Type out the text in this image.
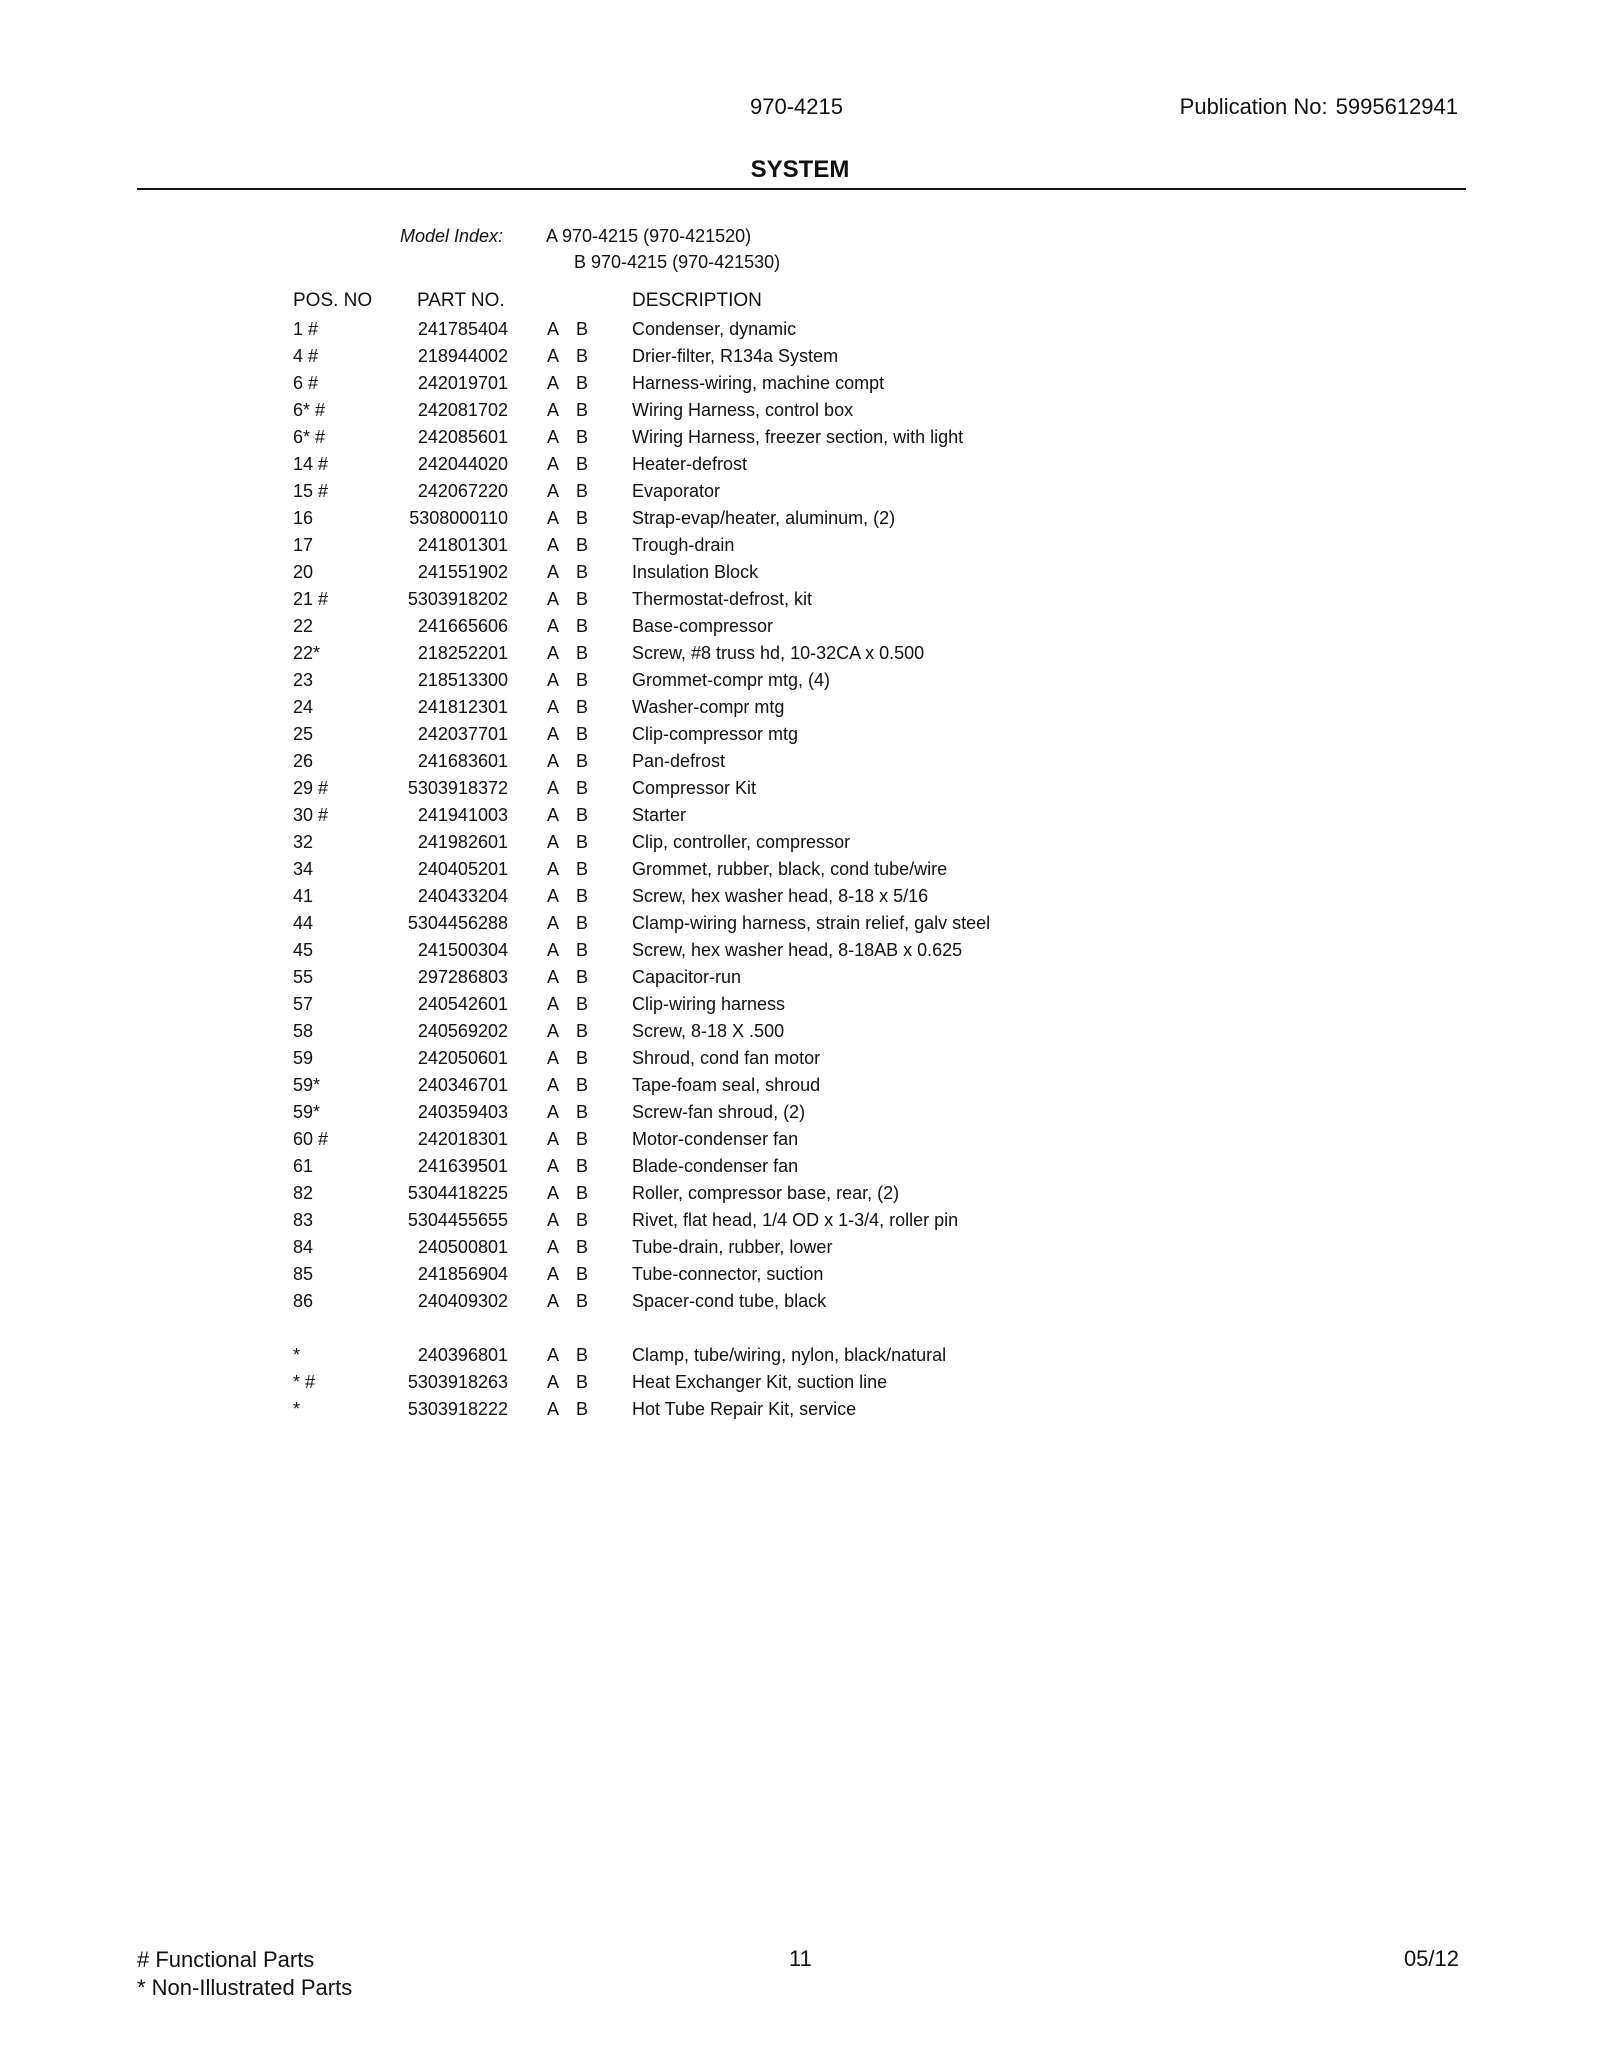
970-4215	Publication No: 5995612941
SYSTEM
Model Index: A 970-4215 (970-421520)
B 970-4215 (970-421530)
POS. NO PART NO.	DESCRIPTION
1 #	241785404 A B Condenser, dynamic
4 #	218944002 A B Drier-filter, R134a System
6 #	242019701 A B Harness-wiring, machine compt
6* #	242081702 A B Wiring Harness, control box
6* #	242085601 A B Wiring Harness, freezer section, with light
14 #	242044020 A B Heater-defrost
15 #	242067220 A B Evaporator
16	5308000110 A B Strap-evap/heater, aluminum, (2)
17	241801301 A B Trough-drain
20	241551902 A B Insulation Block
21 #	5303918202 A B Thermostat-defrost, kit
22	241665606 A B Base-compressor
22*	218252201 A B Screw, #8 truss hd, 10-32CA x 0.500
23	218513300 A B Grommet-compr mtg, (4)
24	241812301 A B Washer-compr mtg
25	242037701 A B Clip-compressor mtg
26	241683601 A B Pan-defrost
29 #	5303918372 A B Compressor Kit
30 #	241941003 A B Starter
32	241982601 A B Clip, controller, compressor
34	240405201 A B Grommet, rubber, black, cond tube/wire
41	240433204 A B Screw, hex washer head, 8-18 x 5/16
44	5304456288 A B Clamp-wiring harness, strain relief, galv steel
45	241500304 A B Screw, hex washer head, 8-18AB x 0.625
55	297286803 A B Capacitor-run
57	240542601 A B Clip-wiring harness
58	240569202 A B Screw, 8-18 X .500
59	242050601 A B Shroud, cond fan motor
59*	240346701 A B Tape-foam seal, shroud
59*	240359403 A B Screw-fan shroud, (2)
60 #	242018301 A B Motor-condenser fan
61	241639501 A B Blade-condenser fan
82	5304418225 A B Roller, compressor base, rear, (2)
83	5304455655 A B Rivet, flat head, 1/4 OD x 1-3/4, roller pin
84	240500801 A B Tube-drain, rubber, lower
85	241856904 A B Tube-connector, suction
86	240409302 A B Spacer-cond tube, black
*	240396801 A B Clamp, tube/wiring, nylon, black/natural
* #	5303918263 A B Heat Exchanger Kit, suction line
*	5303918222 A B Hot Tube Repair Kit, service
# Functional Parts
* Non-Illustrated Parts
11	05/12
